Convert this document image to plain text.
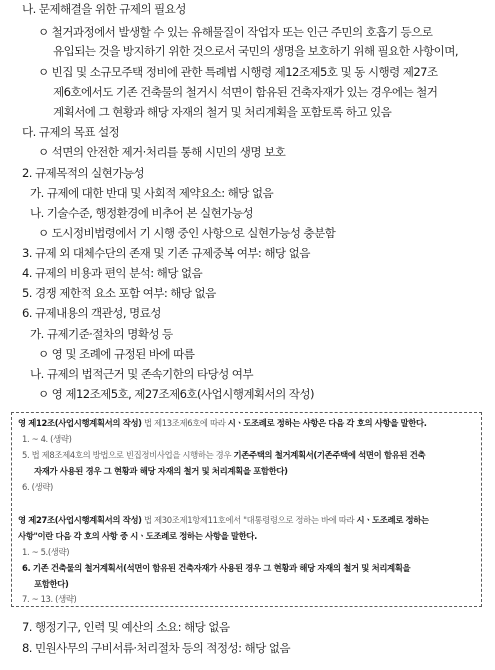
나. 문제해결을 위한 규제의 필요성
ㅇ 철거과정에서 발생할 수 있는 유해물질이 작업자 또는 인근 주민의 호흡기 등으로
유입되는 것을 방지하기 위한 것으로서 국민의 생명을 보호하기 위해 필요한 사항이며,
ㅇ 빈집 및 소규모주택 정비에 관한 특례법 시행령 제12조제5호 및 동 시행령 제27조
제6호에서도 기존 건축물의 철거시 석면이 함유된 건축자재가 있는 경우에는 철거
계획서에 그 현황과 해당 자재의 철거 및 처리계획을 포함토록 하고 있음
다. 규제의 목표 설정
ㅇ 석면의 안전한 제거·처리를 통해 시민의 생명 보호
2. 규제목적의 실현가능성
가. 규제에 대한 반대 및 사회적 제약요소: 해당 없음
나. 기술수준, 행정환경에 비추어 본 실현가능성
ㅇ 도시정비법령에서 기 시행 중인 사항으로 실현가능성 충분함
3. 규제 외 대체수단의 존재 및 기존 규제중복 여부: 해당 없음
4. 규제의 비용과 편익 분석: 해당 없음
5. 경쟁 제한적 요소 포함 여부: 해당 없음
6. 규제내용의 객관성, 명료성
가. 규제기준·절차의 명확성 등
ㅇ 영 및 조례에 규정된 바에 따름
나. 규제의 법적근거 및 존속기한의 타당성 여부
ㅇ 영 제12조제5호, 제27조제6호(사업시행계획서의 작성)
영 제12조(사업시행계획서의 작성) 법 제13조제6호에 따라 시ㆍ도조례로 정하는 사항은 다음 각 호의 사항을 말한다.
1. ~ 4. (생략)
5. 법 제8조제4호의 방법으로 빈집정비사업을 시행하는 경우 기존주택의 철거계획서(기존주택에 석면이 함유된 건축
자재가 사용된 경우 그 현황과 해당 자재의 철거 및 처리계획을 포함한다)
6. (생략)
영 제27조(사업시행계획서의 작성) 법 제30조제1항제11호에서 "대통령령으로 정하는 바에 따라 시ㆍ도조례로 정하는
사항"이란 다음 각 호의 사항 중 시ㆍ도조례로 정하는 사항을 말한다.
1. ~ 5.(생략)
6. 기존 건축물의 철거계획서(석면이 함유된 건축자재가 사용된 경우 그 현황과 해당 자재의 철거 및 처리계획을
포함한다)
7. ~ 13. (생략)
7. 행정기구, 인력 및 예산의 소요: 해당 없음
8. 민원사무의 구비서류·처리절차 등의 적정성: 해당 없음
